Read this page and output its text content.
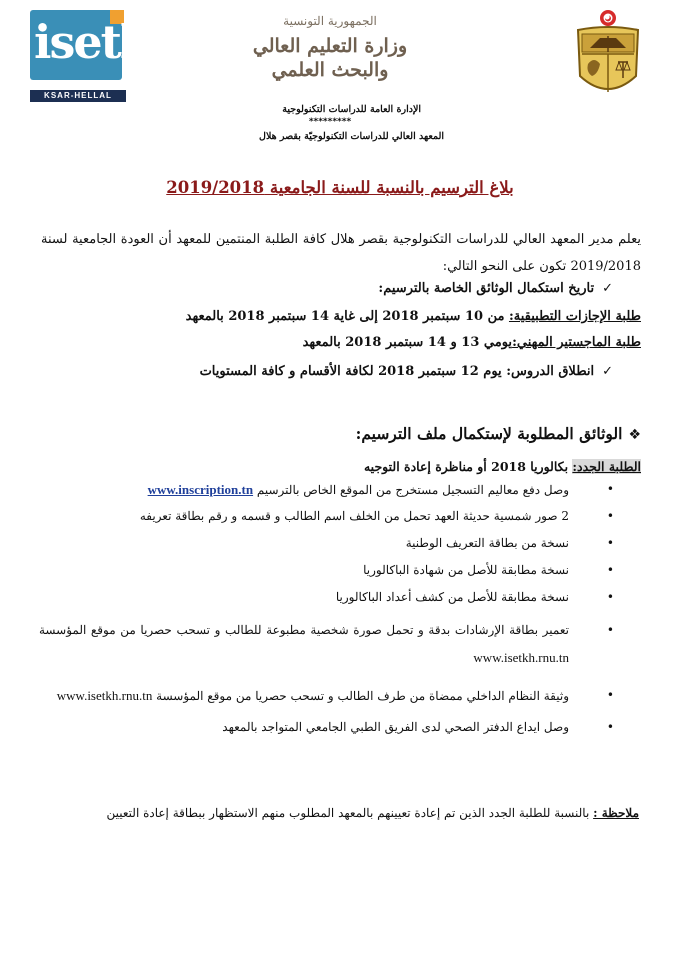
isetkh
KSAR-HELLAL
الجمهورية التونسية
وزارة التعليم العالي
والبحث العلمي
الإدارة العامة للدراسات التكنولوجية
*********
المعهد العالي للدراسات التكنولوجيّة بقصر هلال
بلاغ الترسيم بالنسبة للسنة الجامعية 2019/2018
يعلم مدير المعهد العالي للدراسات التكنولوجية بقصر هلال كافة الطلبة المنتمين للمعهد أن العودة الجامعية لسنة 2019/2018 تكون على النحو التالي:
✓تاريخ استكمال الوثائق الخاصة بالترسيم:
طلبة الإجازات التطبيقية: من 10 سبتمبر 2018 إلى غاية 14 سبتمبر 2018 بالمعهد
طلبة الماجستير المهني:يومي 13 و 14 سبتمبر 2018 بالمعهد
✓انطلاق الدروس: يوم 12 سبتمبر 2018 لكافة الأقسام و كافة المستويات
❖الوثائق المطلوبة لإستكمال ملف الترسيم:
الطلبة الجدد: بكالوريا 2018 أو مناظرة إعادة التوجيه
• وصل دفع معاليم التسجيل مستخرج من الموقع الخاص بالترسيم www.inscription.tn
• 2 صور شمسية حديثة العهد تحمل من الخلف اسم الطالب و قسمه و رقم بطاقة تعريفه
• نسخة من بطاقة التعريف الوطنية
• نسخة مطابقة للأصل من شهادة الباكالوريا
• نسخة مطابقة للأصل من كشف أعداد الباكالوريا
• تعمير بطاقة الإرشادات بدقة و تحمل صورة شخصية مطبوعة للطالب و تسحب حصريا من موقع المؤسسة www.isetkh.rnu.tn
• وثيقة النظام الداخلي ممضاة من طرف الطالب و تسحب حصريا من موقع المؤسسة www.isetkh.rnu.tn
• وصل ايداع الدفتر الصحي لدى الفريق الطبي الجامعي المتواجد بالمعهد
ملاحظة : بالنسبة للطلبة الجدد الذين تم إعادة تعيينهم بالمعهد المطلوب منهم الاستظهار ببطاقة إعادة التعيين
